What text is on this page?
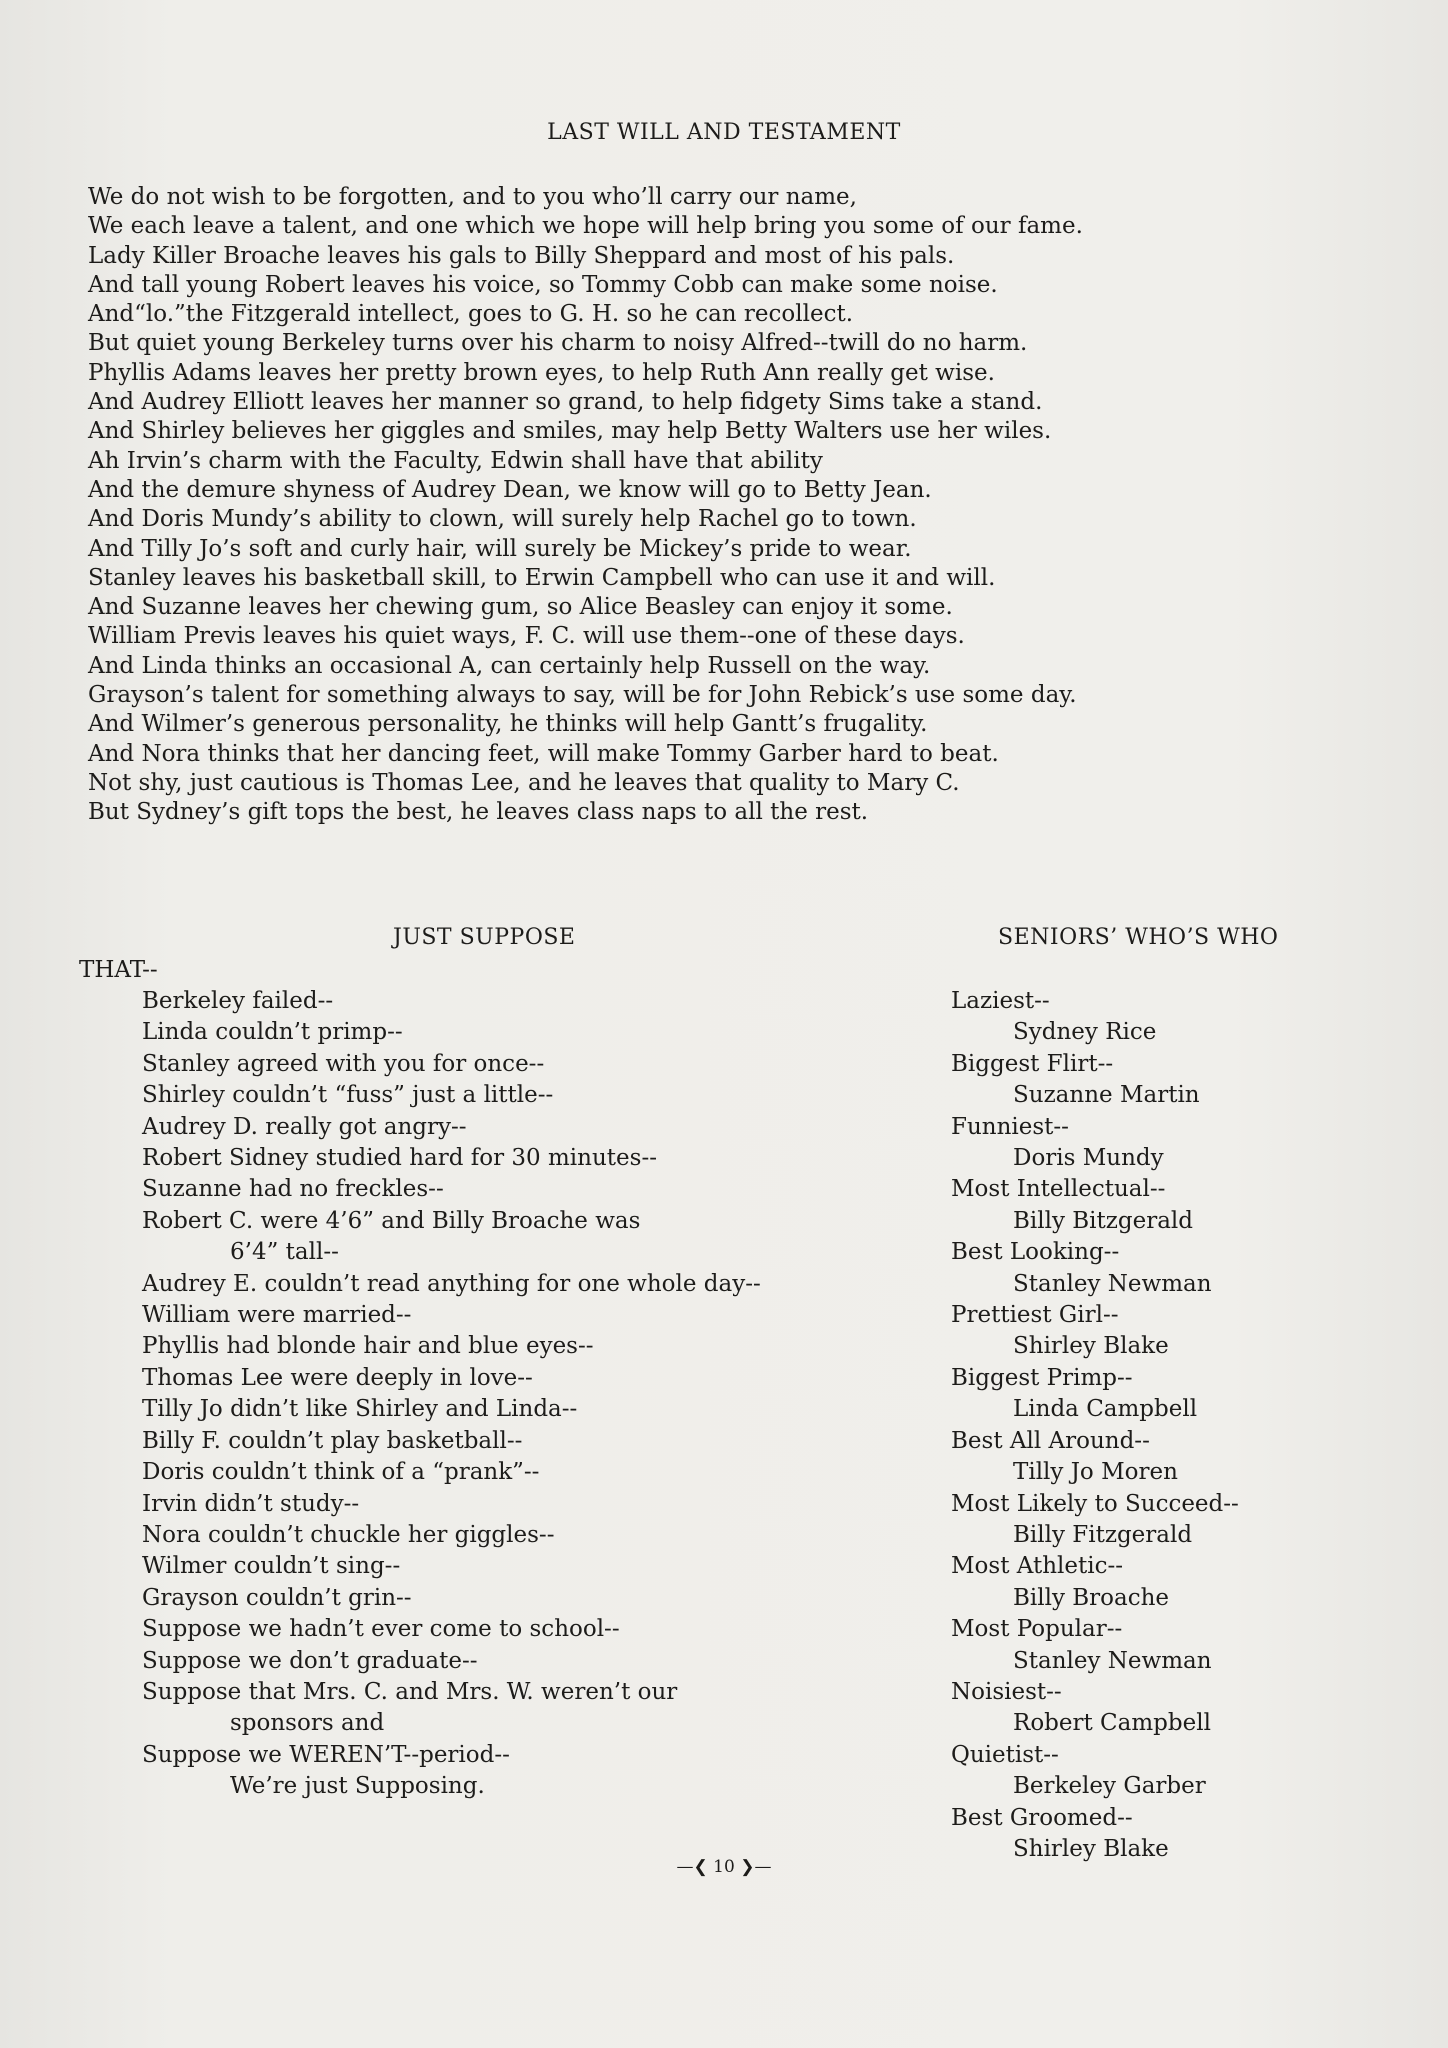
LAST WILL AND TESTAMENT
We do not wish to be forgotten, and to you who’ll carry our name,
We each leave a talent, and one which we hope will help bring you some of our fame.
Lady Killer Broache leaves his gals to Billy Sheppard and most of his pals.
And tall young Robert leaves his voice, so Tommy Cobb can make some noise.
And“lo.”the Fitzgerald intellect, goes to G. H. so he can recollect.
But quiet young Berkeley turns over his charm to noisy Alfred--twill do no harm.
Phyllis Adams leaves her pretty brown eyes, to help Ruth Ann really get wise.
And Audrey Elliott leaves her manner so grand, to help fidgety Sims take a stand.
And Shirley believes her giggles and smiles, may help Betty Walters use her wiles.
Ah Irvin’s charm with the Faculty, Edwin shall have that ability
And the demure shyness of Audrey Dean, we know will go to Betty Jean.
And Doris Mundy’s ability to clown, will surely help Rachel go to town.
And Tilly Jo’s soft and curly hair, will surely be Mickey’s pride to wear.
Stanley leaves his basketball skill, to Erwin Campbell who can use it and will.
And Suzanne leaves her chewing gum, so Alice Beasley can enjoy it some.
William Previs leaves his quiet ways, F. C. will use them--one of these days.
And Linda thinks an occasional A, can certainly help Russell on the way.
Grayson’s talent for something always to say, will be for John Rebick’s use some day.
And Wilmer’s generous personality, he thinks will help Gantt’s frugality.
And Nora thinks that her dancing feet, will make Tommy Garber hard to beat.
Not shy, just cautious is Thomas Lee, and he leaves that quality to Mary C.
But Sydney’s gift tops the best, he leaves class naps to all the rest.
JUST SUPPOSE	SENIORS’ WHO’S WHO
THAT--
Berkeley failed--
Linda couldn’t primp--
Stanley agreed with you for once--
Shirley couldn’t “fuss” just a little--
Audrey D. really got angry--
Robert Sidney studied hard for 30 minutes--
Suzanne had no freckles--
Robert C. were 4’6” and Billy Broache was
6’4” tall--
Audrey E. couldn’t read anything for one whole day--
William were married--
Phyllis had blonde hair and blue eyes--
Thomas Lee were deeply in love--
Tilly Jo didn’t like Shirley and Linda--
Billy F. couldn’t play basketball--
Doris couldn’t think of a “prank”--
Irvin didn’t study--
Nora couldn’t chuckle her giggles--
Wilmer couldn’t sing--
Grayson couldn’t grin--
Suppose we hadn’t ever come to school--
Suppose we don’t graduate--
Suppose that Mrs. C. and Mrs. W. weren’t our
sponsors and
Suppose we WEREN’T--period--
We’re just Supposing.
Laziest--
Sydney Rice
Biggest Flirt--
Suzanne Martin
Funniest--
Doris Mundy
Most Intellectual--
Billy Bitzgerald
Best Looking--
Stanley Newman
Prettiest Girl--
Shirley Blake
Biggest Primp--
Linda Campbell
Best All Around--
Tilly Jo Moren
Most Likely to Succeed--
Billy Fitzgerald
Most Athletic--
Billy Broache
Most Popular--
Stanley Newman
Noisiest--
Robert Campbell
Quietist--
Berkeley Garber
Best Groomed--
Shirley Blake
—❮ 10 ❯—
